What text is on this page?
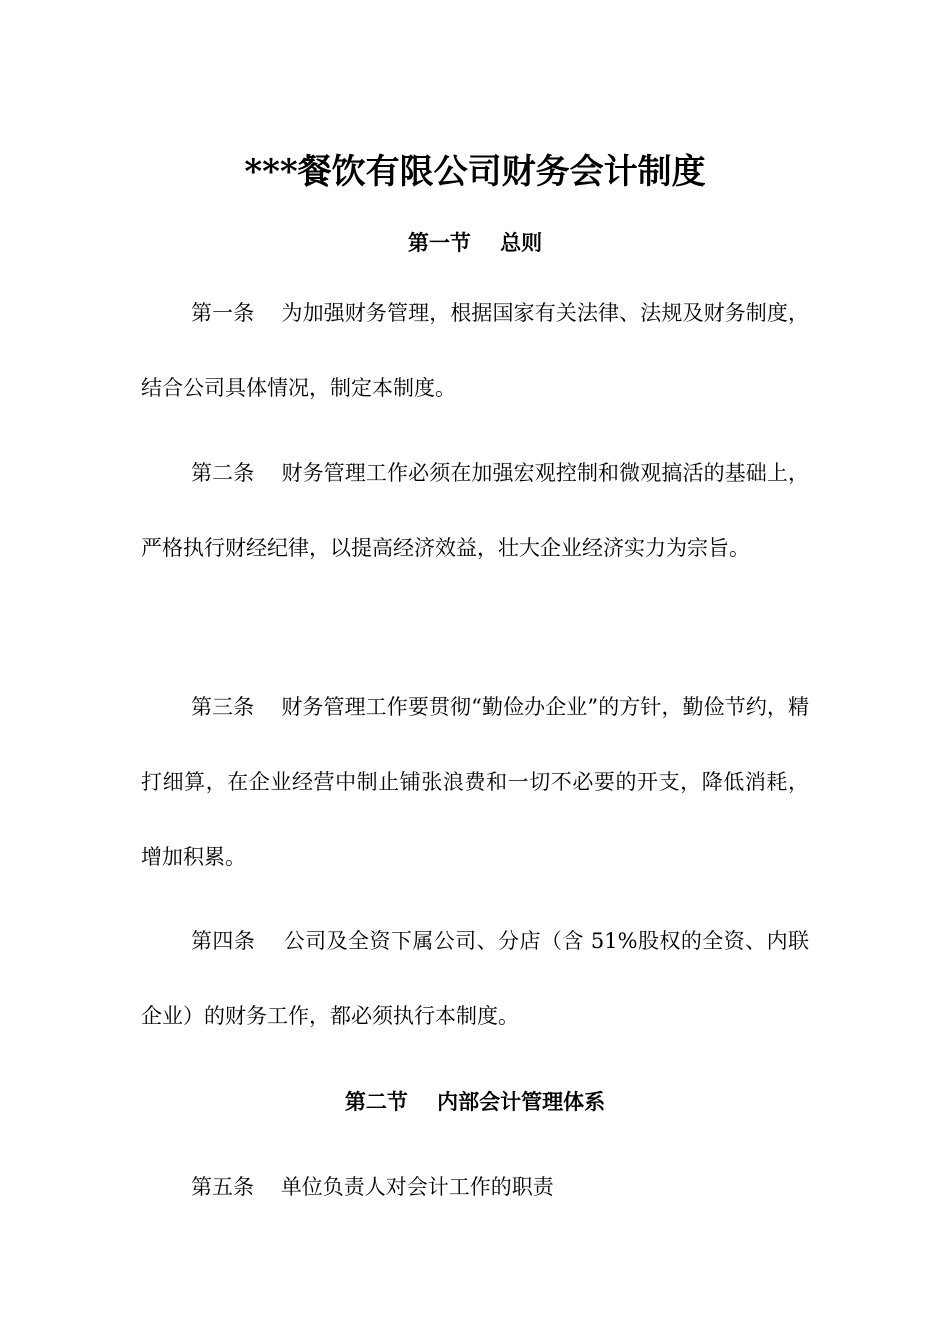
***餐饮有限公司财务会计制度
第一节    总则

第一条 为加强财务管理，根据国家有关法律、法规及财务制度，结合公司具体情况，制定本制度。

第二条 财务管理工作必须在加强宏观控制和微观搞活的基础上，严格执行财经纪律，以提高经济效益，壮大企业经济实力为宗旨。

第三条 财务管理工作要贯彻“勤俭办企业”的方针，勤俭节约，精打细算，在企业经营中制止铺张浪费和一切不必要的开支，降低消耗，增加积累。

第四条 公司及全资下属公司、分店（含 51%股权的全资、内联企业）的财务工作，都必须执行本制度。

第二节    内部会计管理体系

第五条 单位负责人对会计工作的职责
